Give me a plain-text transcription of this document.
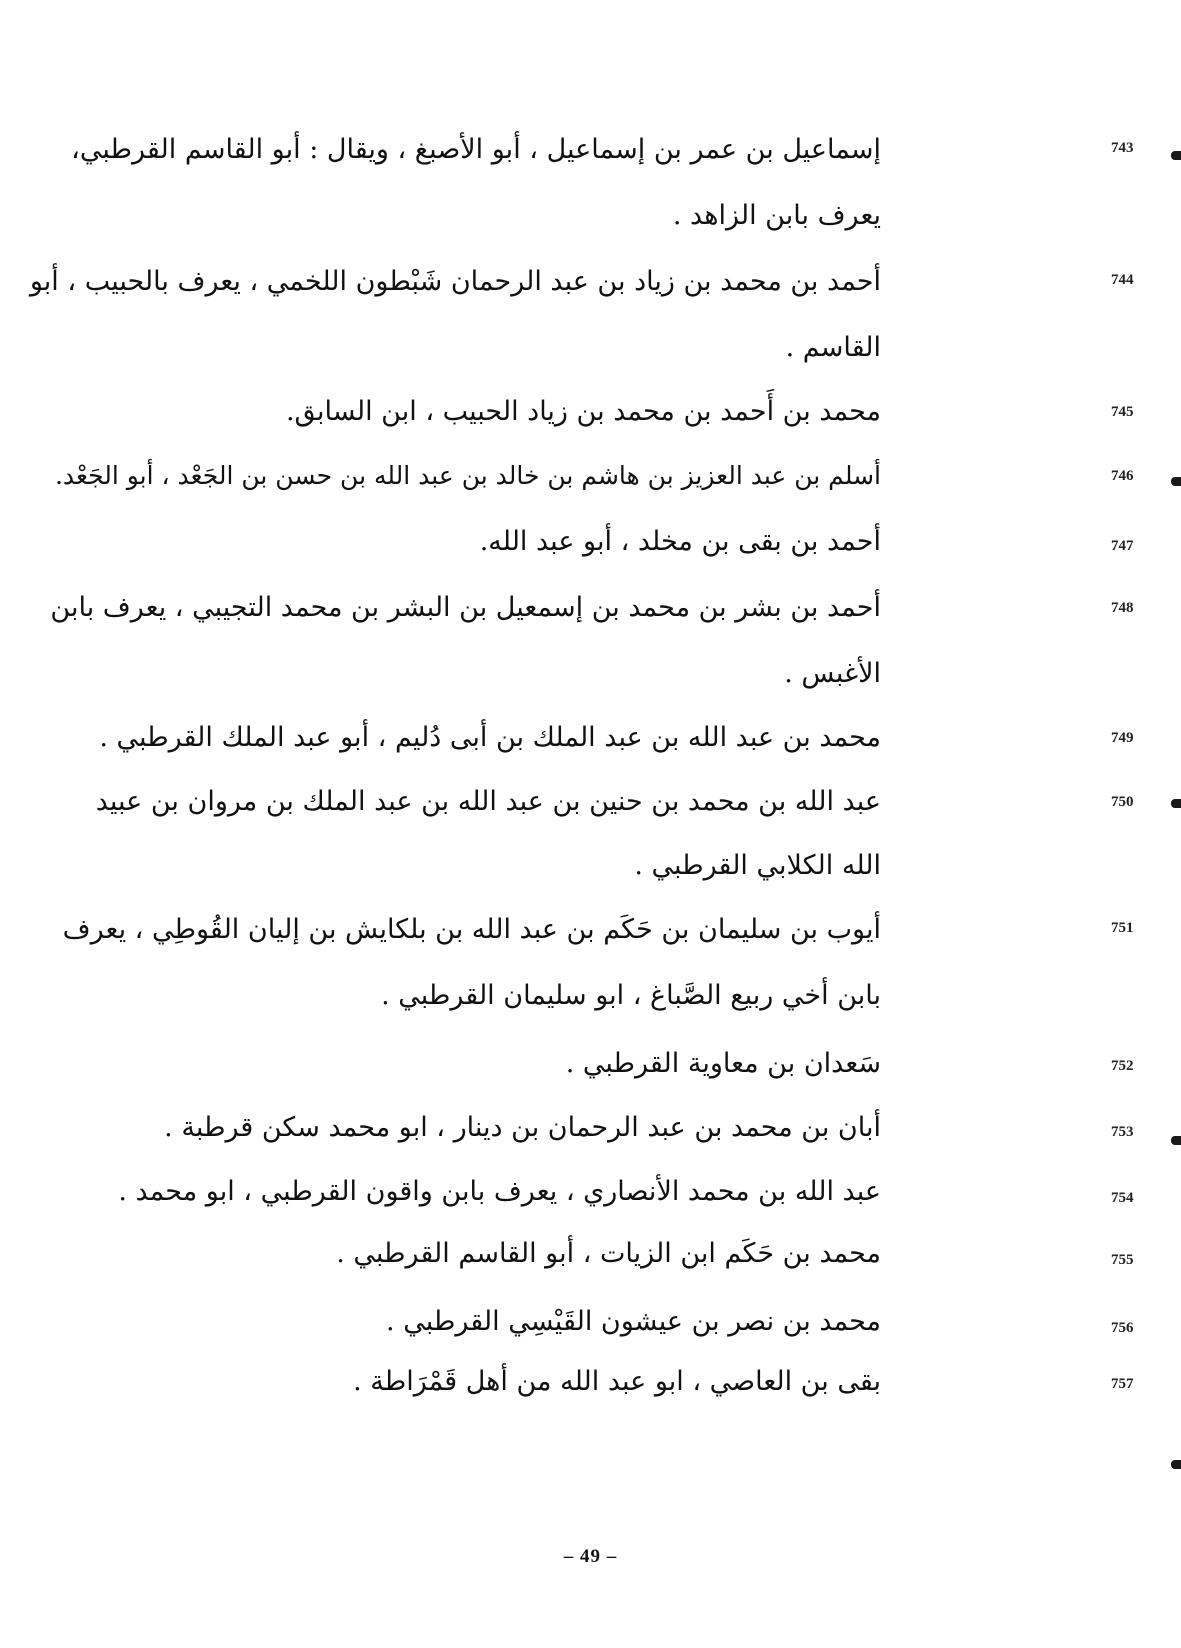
743
إسماعيل بن عمر بن إسماعيل ، أبو الأصبغ ، ويقال : أبو القاسم القرطبي،
يعرف بابن الزاهد .
744
أحمد بن محمد بن زياد بن عبد الرحمان شَبْطون اللخمي ، يعرف بالحبيب ، أبو
القاسم .
745
محمد بن أَحمد بن محمد بن زياد الحبيب ، ابن السابق.
746
أسلم بن عبد العزيز بن هاشم بن خالد بن عبد الله بن حسن بن الجَعْد ، أبو الجَعْد.
747
أحمد بن بقى بن مخلد ، أبو عبد الله.
748
أحمد بن بشر بن محمد بن إسمعيل بن البشر بن محمد التجيبي ، يعرف بابن
الأغبس .
749
محمد بن عبد الله بن عبد الملك بن أبى دُليم ، أبو عبد الملك القرطبي .
750
عبد الله بن محمد بن حنين بن عبد الله بن عبد الملك بن مروان بن عبيد
الله الكلابي القرطبي .
751
أيوب بن سليمان بن حَكَم بن عبد الله بن بلكايش بن إليان القُوطِي ، يعرف
بابن أخي ربيع الصَّباغ ، ابو سليمان القرطبي .
752
سَعدان بن معاوية القرطبي .
753
أبان بن محمد بن عبد الرحمان بن دينار ، ابو محمد سكن قرطبة .
754
عبد الله بن محمد الأنصاري ، يعرف بابن واقون القرطبي ، ابو محمد .
755
محمد بن حَكَم ابن الزيات ، أبو القاسم القرطبي .
756
محمد بن نصر بن عيشون القَيْسِي القرطبي .
757
بقى بن العاصي ، ابو عبد الله من أهل قَمْرَاطة .
– 49 –
